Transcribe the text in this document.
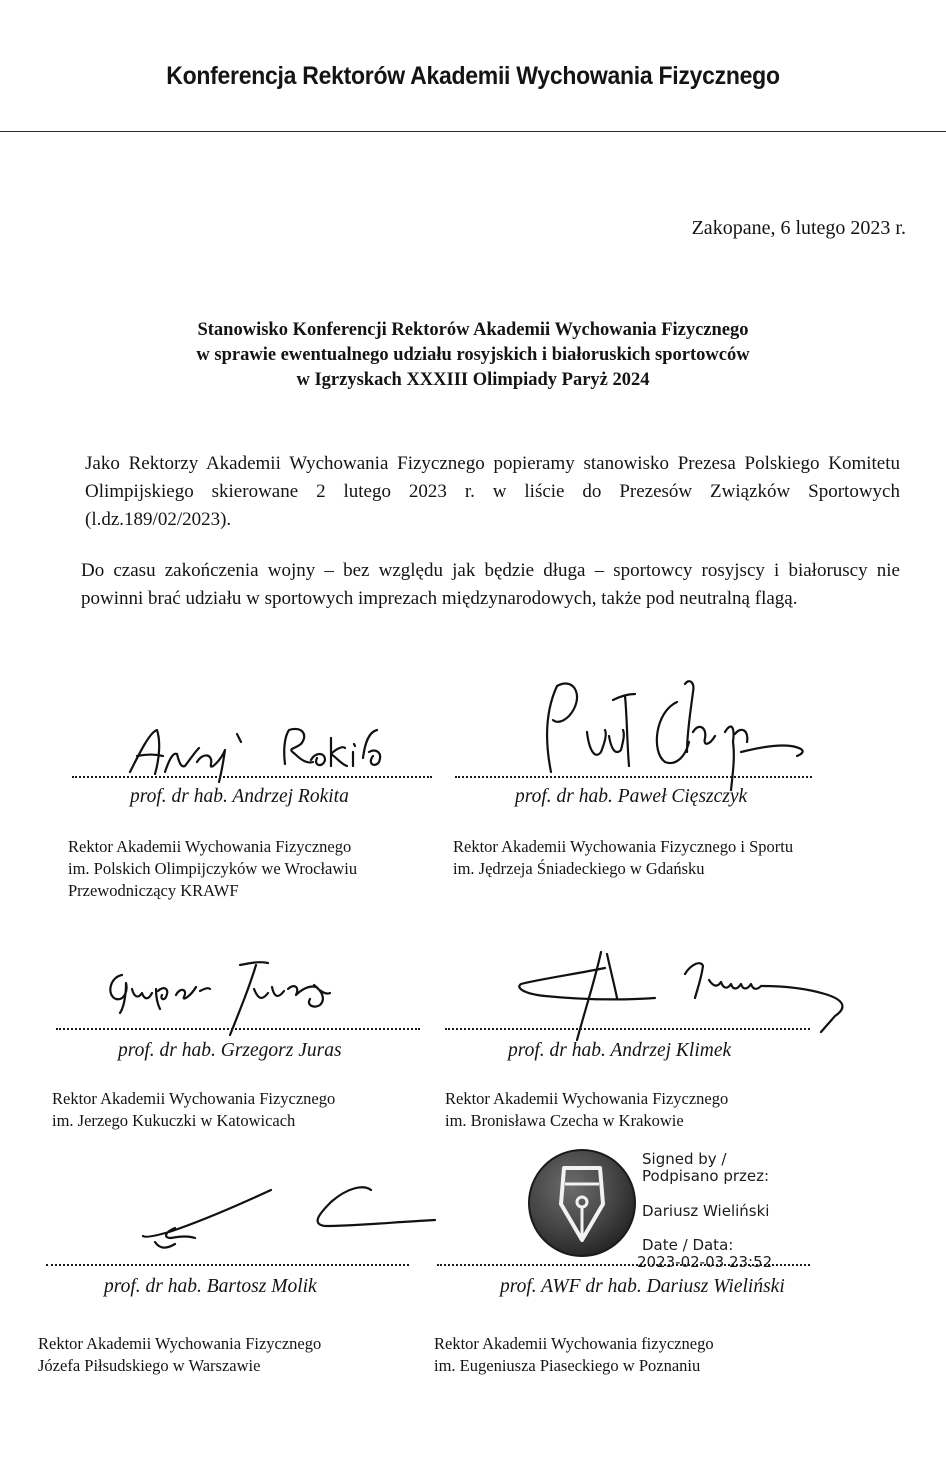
Konferencja Rektorów Akademii Wychowania Fizycznego
Zakopane, 6 lutego 2023 r.
Stanowisko Konferencji Rektorów Akademii Wychowania Fizycznego
w sprawie ewentualnego udziału rosyjskich i białoruskich sportowców
w Igrzyskach XXXIII Olimpiady Paryż 2024
Jako Rektorzy Akademii Wychowania Fizycznego popieramy stanowisko Prezesa Polskiego Komitetu Olimpijskiego skierowane 2 lutego 2023 r. w liście do Prezesów Związków Sportowych (l.dz.189/02/2023).
Do czasu zakończenia wojny – bez względu jak będzie długa – sportowcy rosyjscy i białoruscy nie powinni brać udziału w sportowych imprezach międzynarodowych, także pod neutralną flagą.
prof. dr hab. Andrzej Rokita
Rektor Akademii Wychowania Fizycznego
im. Polskich Olimpijczyków we Wrocławiu
Przewodniczący KRAWF
prof. dr hab. Paweł Cięszczyk
Rektor Akademii Wychowania Fizycznego i Sportu
im. Jędrzeja Śniadeckiego w Gdańsku
prof. dr hab. Grzegorz Juras
Rektor Akademii Wychowania Fizycznego
im. Jerzego Kukuczki w Katowicach
prof. dr hab. Andrzej Klimek
Rektor Akademii Wychowania Fizycznego
im. Bronisława Czecha w Krakowie
prof. dr hab. Bartosz Molik
Rektor Akademii Wychowania Fizycznego
Józefa Piłsudskiego w Warszawie
Signed by /
Podpisano przez:
Dariusz Wieliński
Date / Data:
2023-02-03 23:52
prof. AWF dr hab. Dariusz Wieliński
Rektor Akademii Wychowania fizycznego
im. Eugeniusza Piaseckiego w Poznaniu
